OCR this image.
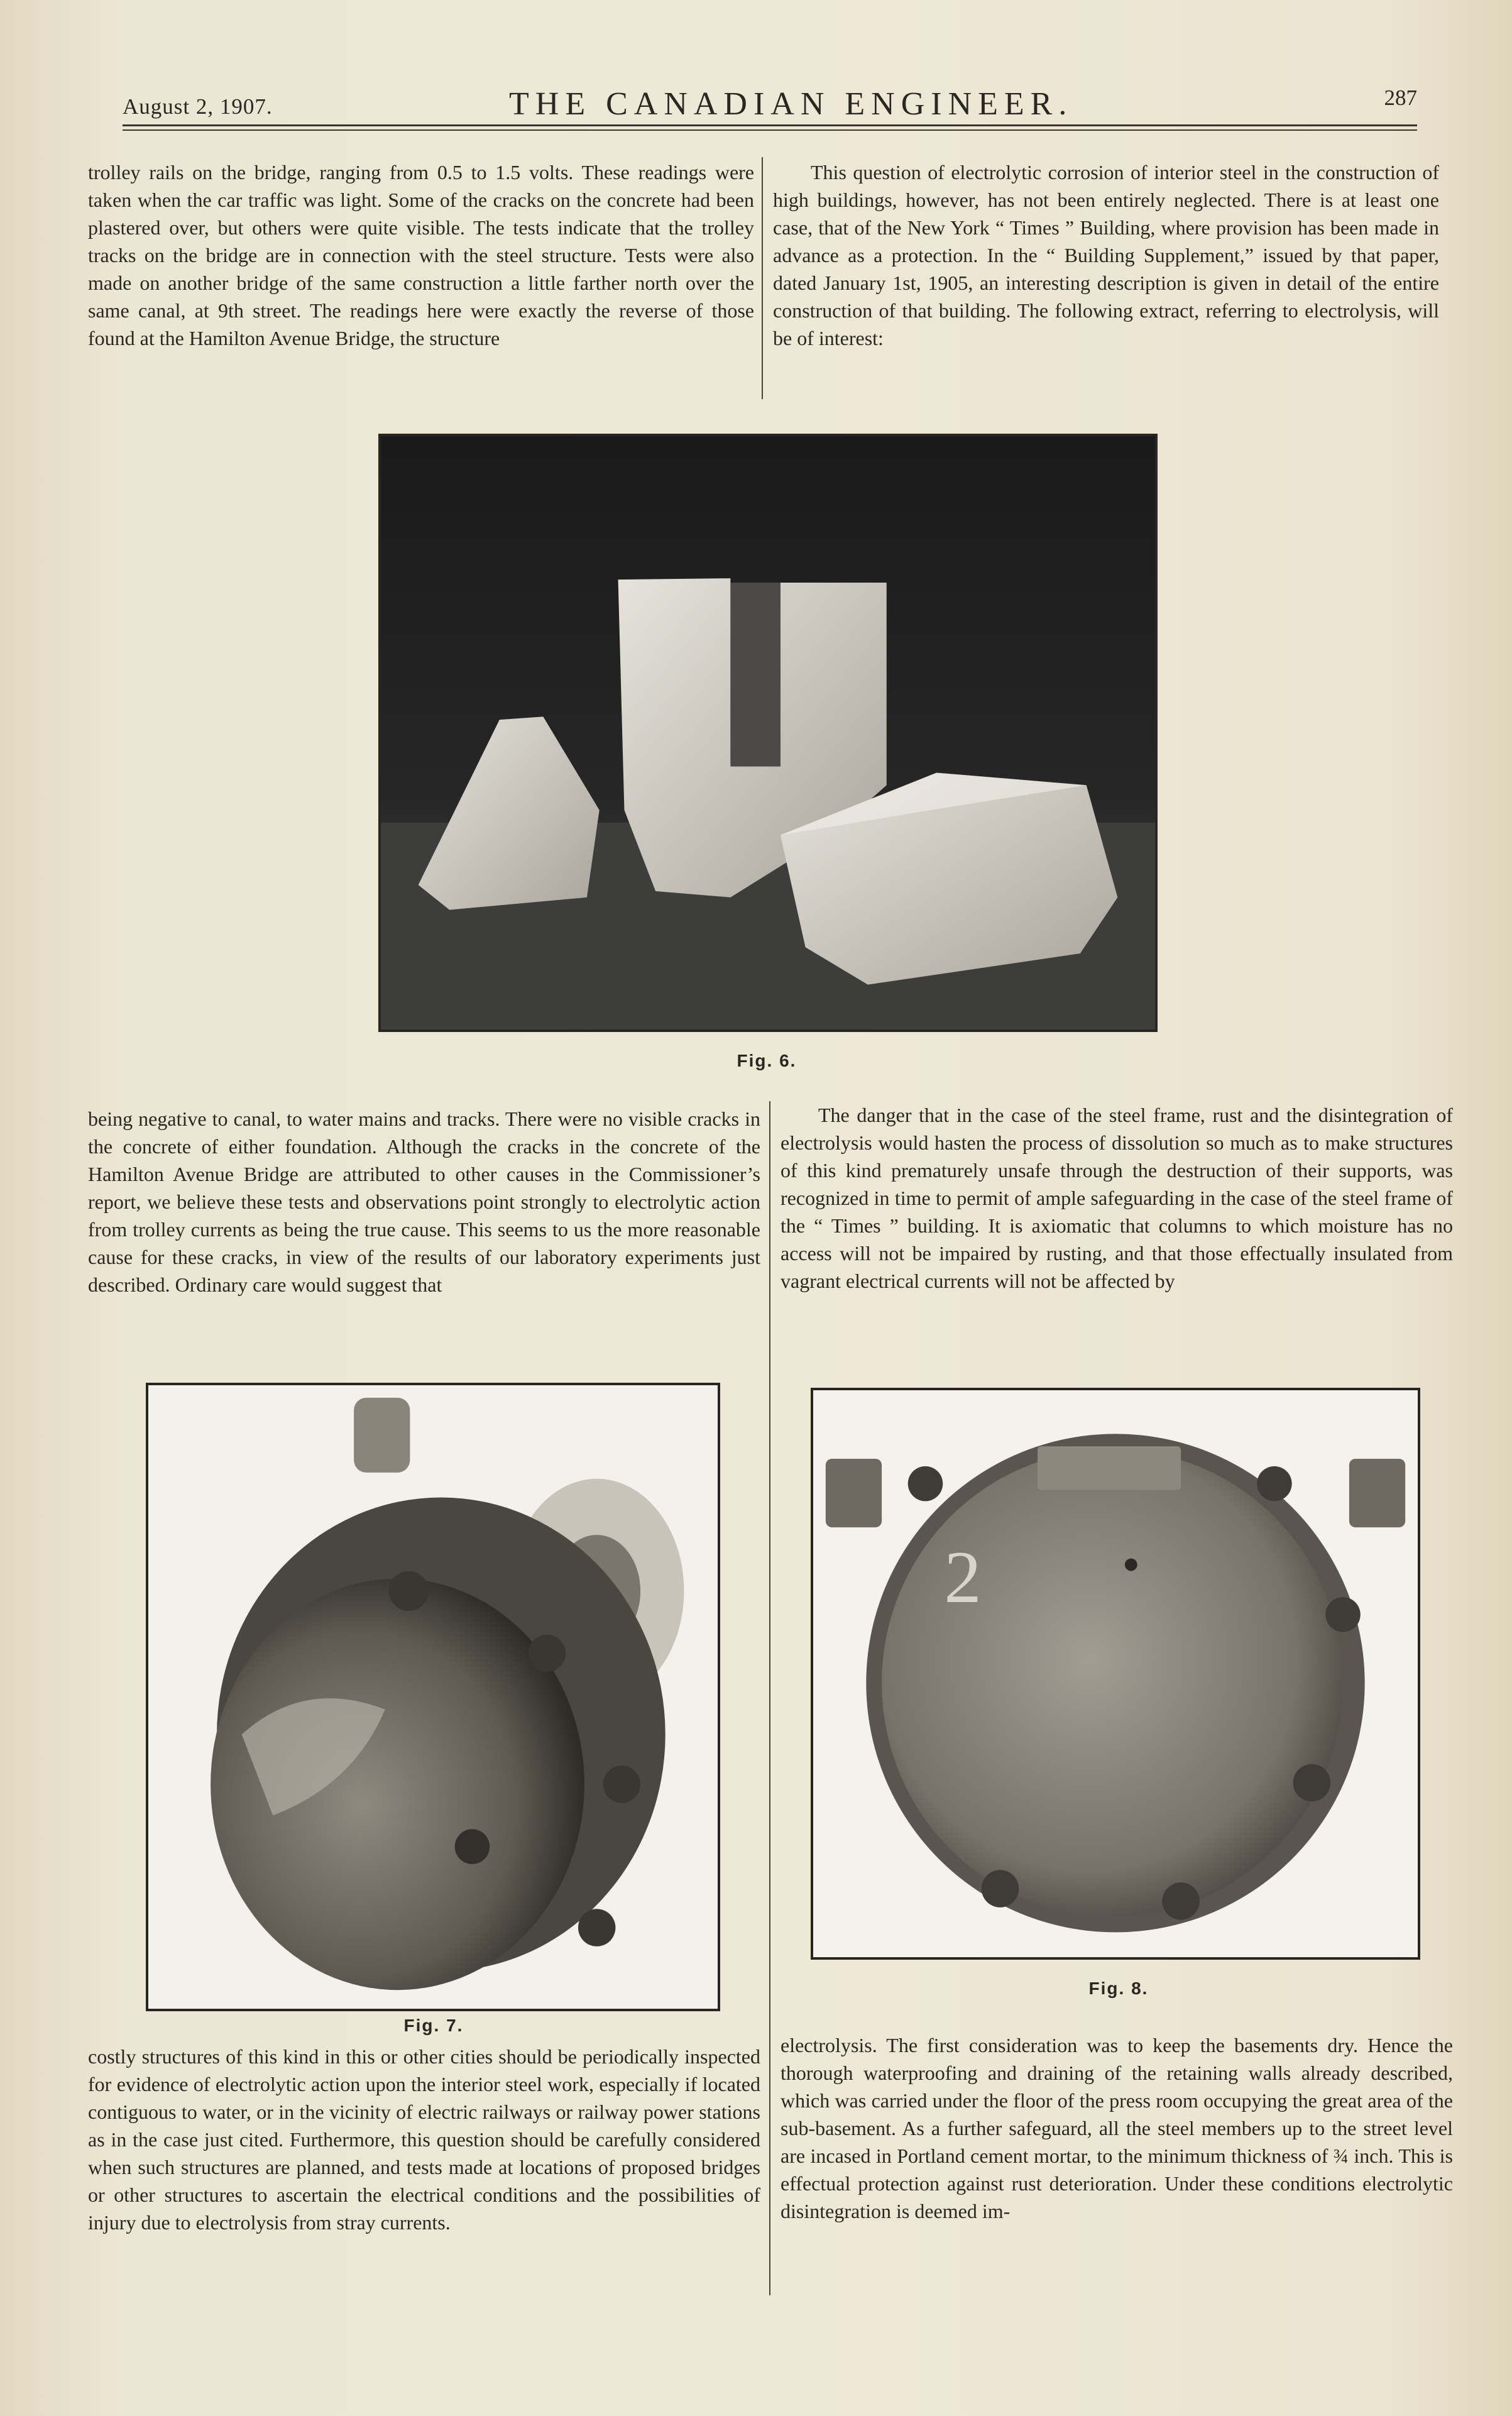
August 2, 1907.	THE CANADIAN ENGINEER.	287

trolley rails on the bridge, ranging from 0.5 to 1.5 volts. These readings were taken when the car traffic was light. Some of the cracks on the concrete had been plastered over, but others were quite visible. The tests indicate that the trolley tracks on the bridge are in connection with the steel structure. Tests were also made on another bridge of the same construction a little farther north over the same canal, at 9th street. The readings here were exactly the reverse of those found at the Hamilton Avenue Bridge, the structure

This question of electrolytic corrosion of interior steel in the construction of high buildings, however, has not been entirely neglected. There is at least one case, that of the New York “ Times ” Building, where provision has been made in advance as a protection. In the “ Building Supplement,” issued by that paper, dated January 1st, 1905, an interesting description is given in detail of the entire construction of that building. The following extract, referring to electrolysis, will be of interest:

Fig. 6.

being negative to canal, to water mains and tracks. There were no visible cracks in the concrete of either foundation. Although the cracks in the concrete of the Hamilton Avenue Bridge are attributed to other causes in the Commissioner’s report, we believe these tests and observations point strongly to electrolytic action from trolley currents as being the true cause. This seems to us the more reasonable cause for these cracks, in view of the results of our laboratory experiments just described. Ordinary care would suggest that

The danger that in the case of the steel frame, rust and the disintegration of electrolysis would hasten the process of dissolution so much as to make structures of this kind prematurely unsafe through the destruction of their supports, was recognized in time to permit of ample safeguarding in the case of the steel frame of the “ Times ” building. It is axiomatic that columns to which moisture has no access will not be impaired by rusting, and that those effectually insulated from vagrant electrical currents will not be affected by

Fig. 7.
2
Fig. 8.

costly structures of this kind in this or other cities should be periodically inspected for evidence of electrolytic action upon the interior steel work, especially if located contiguous to water, or in the vicinity of electric railways or railway power stations as in the case just cited. Furthermore, this question should be carefully considered when such structures are planned, and tests made at locations of proposed bridges or other structures to ascertain the electrical conditions and the possibilities of injury due to electrolysis from stray currents.

electrolysis. The first consideration was to keep the basements dry. Hence the thorough waterproofing and draining of the retaining walls already described, which was carried under the floor of the press room occupying the great area of the sub-basement. As a further safeguard, all the steel members up to the street level are incased in Portland cement mortar, to the minimum thickness of ¾ inch. This is effectual protection against rust deterioration. Under these conditions electrolytic disintegration is deemed im-
